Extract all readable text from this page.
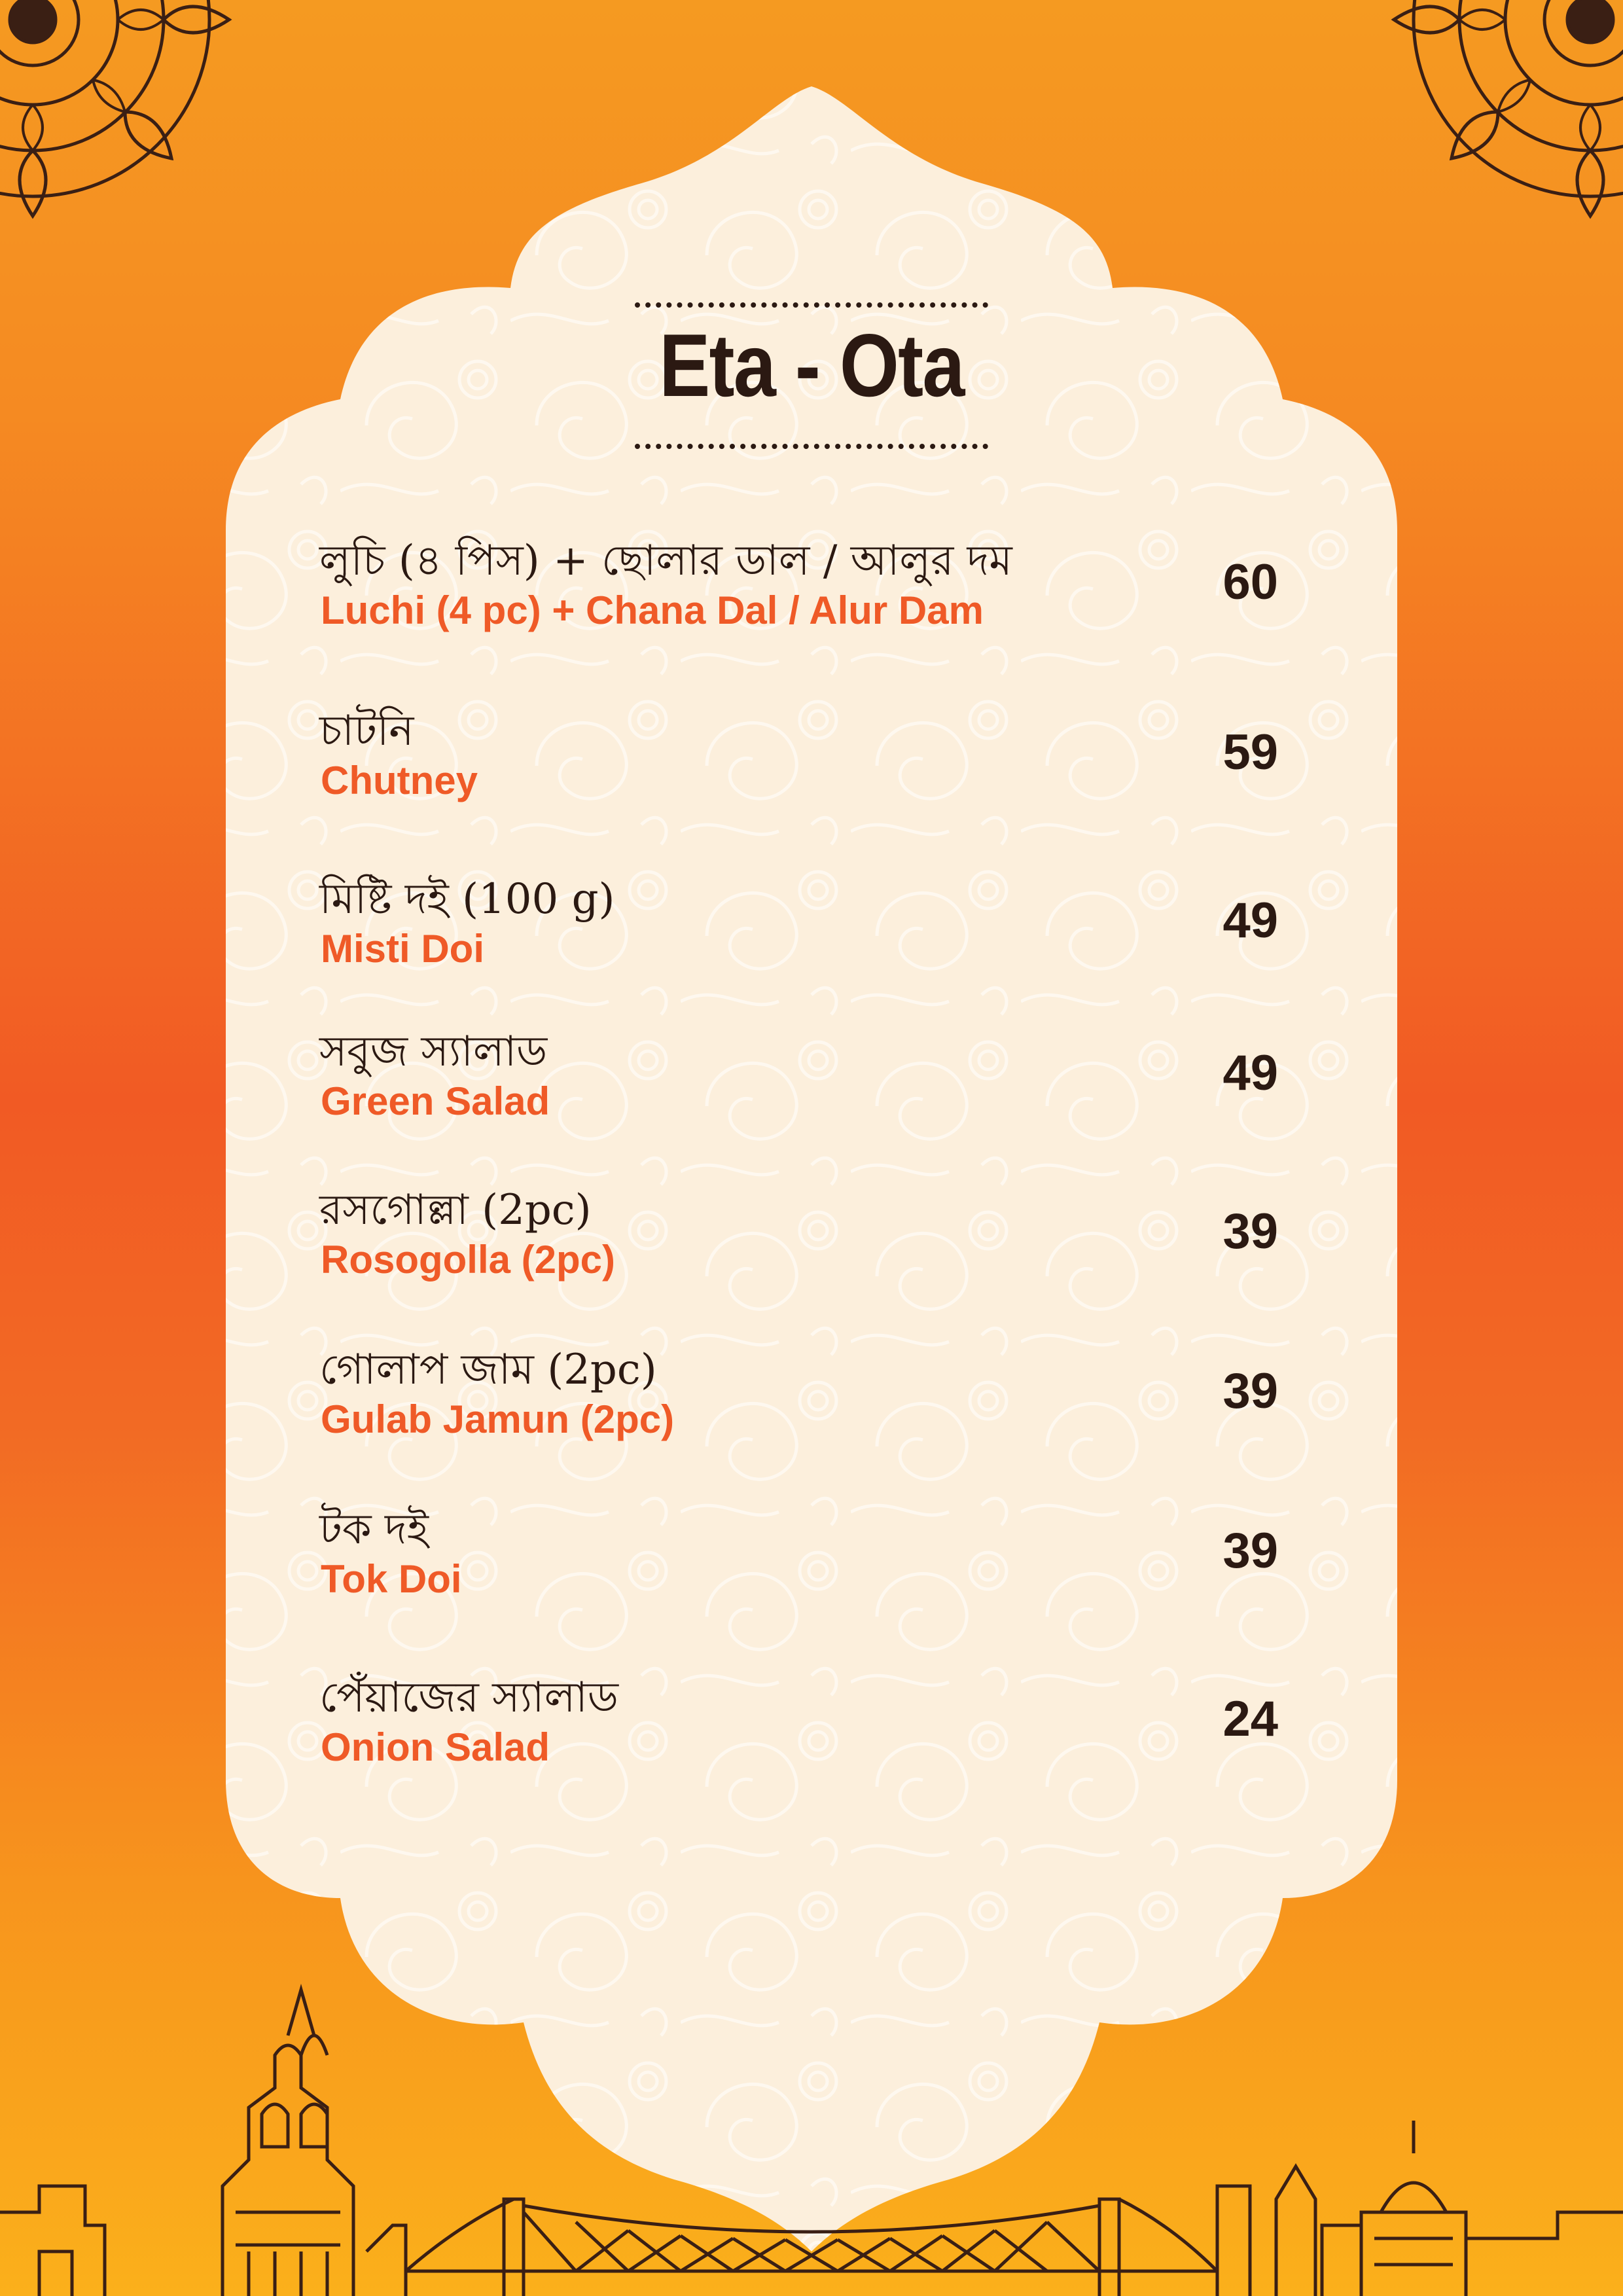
Eta - Ota
লুচি (৪ পিস) + ছোলার ডাল / আলুর দম
Luchi (4 pc) + Chana Dal / Alur Dam
60
চাটনি
Chutney
59
মিষ্টি দই (100 g)
Misti Doi
49
সবুজ স্যালাড
Green Salad
49
রসগোল্লা (2pc)
Rosogolla (2pc)
39
গোলাপ জাম (2pc)
Gulab Jamun (2pc)
39
টক দই
Tok Doi
39
পেঁয়াজের স্যালাড
Onion Salad
24
